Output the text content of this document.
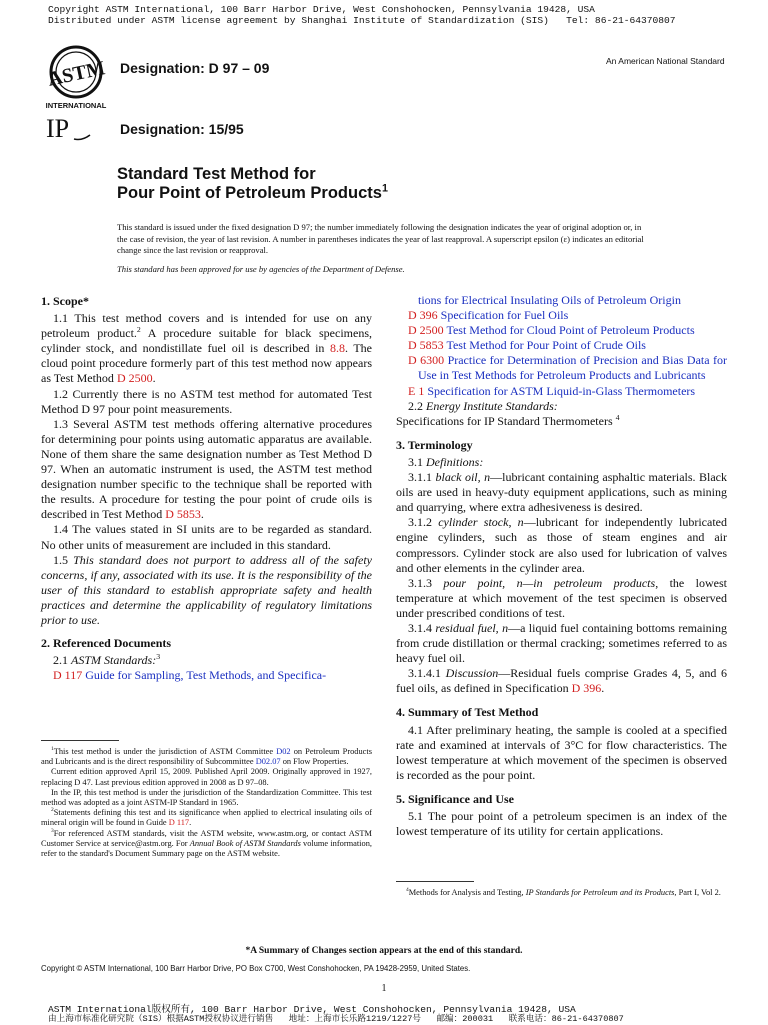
Copyright ASTM International, 100 Barr Harbor Drive, West Conshohocken, Pennsylvania 19428, USA
Distributed under ASTM license agreement by Shanghai Institute of Standardization (SIS)   Tel: 86-21-64370807
ASTM
INTERNATIONAL
Designation: D 97 – 09	An American National Standard
IP	Designation: 15/95
Standard Test Method for
Pour Point of Petroleum Products$^1$
This standard is issued under the fixed designation D 97; the number immediately following the designation indicates the year of original adoption or, in the case of revision, the year of last revision. A number in parentheses indicates the year of last reapproval. A superscript epsilon (ε) indicates an editorial change since the last revision or reapproval.
This standard has been approved for use by agencies of the Department of Defense.
1. Scope*

1.1 This test method covers and is intended for use on any petroleum product.$^2$ A procedure suitable for black specimens, cylinder stock, and nondistillate fuel oil is described in 8.8. The cloud point procedure formerly part of this test method now appears as Test Method D 2500.

1.2 Currently there is no ASTM test method for automated Test Method D 97 pour point measurements.

1.3 Several ASTM test methods offering alternative procedures for determining pour points using automatic apparatus are available. None of them share the same designation number as Test Method D 97. When an automatic instrument is used, the ASTM test method designation number specific to the technique shall be reported with the results. A procedure for testing the pour point of crude oils is described in Test Method D 5853.

1.4 The values stated in SI units are to be regarded as standard. No other units of measurement are included in this standard.

1.5 This standard does not purport to address all of the safety concerns, if any, associated with its use. It is the responsibility of the user of this standard to establish appropriate safety and health practices and determine the applicability of regulatory limitations prior to use.

2. Referenced Documents

2.1 ASTM Standards:$^3$

D 117 Guide for Sampling, Test Methods, and Specifica-

$^1$This test method is under the jurisdiction of ASTM Committee D02 on Petroleum Products and Lubricants and is the direct responsibility of Subcommittee D02.07 on Flow Properties.

Current edition approved April 15, 2009. Published April 2009. Originally approved in 1927, replacing D 47. Last previous edition approved in 2008 as D 97–08.

In the IP, this test method is under the jurisdiction of the Standardization Committee. This test method was adopted as a joint ASTM-IP Standard in 1965.

$^2$Statements defining this test and its significance when applied to electrical insulating oils of mineral origin will be found in Guide D 117.

$^3$For referenced ASTM standards, visit the ASTM website, www.astm.org, or contact ASTM Customer Service at service@astm.org. For Annual Book of ASTM Standards volume information, refer to the standard's Document Summary page on the ASTM website.

tions for Electrical Insulating Oils of Petroleum Origin

D 396 Specification for Fuel Oils

D 2500 Test Method for Cloud Point of Petroleum Products

D 5853 Test Method for Pour Point of Crude Oils

D 6300 Practice for Determination of Precision and Bias Data for Use in Test Methods for Petroleum Products and Lubricants

E 1 Specification for ASTM Liquid-in-Glass Thermometers

2.2 Energy Institute Standards:

Specifications for IP Standard Thermometers $^4$

3. Terminology

3.1 Definitions:

3.1.1 black oil, n—lubricant containing asphaltic materials. Black oils are used in heavy-duty equipment applications, such as mining and quarrying, where extra adhesiveness is desired.

3.1.2 cylinder stock, n—lubricant for independently lubricated engine cylinders, such as those of steam engines and air compressors. Cylinder stock are also used for lubrication of valves and other elements in the cylinder area.

3.1.3 pour point, n—in petroleum products, the lowest temperature at which movement of the test specimen is observed under prescribed conditions of test.

3.1.4 residual fuel, n—a liquid fuel containing bottoms remaining from crude distillation or thermal cracking; sometimes referred to as heavy fuel oil.

3.1.4.1 Discussion—Residual fuels comprise Grades 4, 5, and 6 fuel oils, as defined in Specification D 396.

4. Summary of Test Method

4.1 After preliminary heating, the sample is cooled at a specified rate and examined at intervals of 3°C for flow characteristics. The lowest temperature at which movement of the specimen is observed is recorded as the pour point.

5. Significance and Use

5.1 The pour point of a petroleum specimen is an index of the lowest temperature of its utility for certain applications.

$^4$Methods for Analysis and Testing, IP Standards for Petroleum and its Products, Part I, Vol 2.

*A Summary of Changes section appears at the end of this standard.
Copyright © ASTM International, 100 Barr Harbor Drive, PO Box C700, West Conshohocken, PA 19428-2959, United States.
1
ASTM International版权所有, 100 Barr Harbor Drive, West Conshohocken, Pennsylvania 19428, USA
由上海市标准化研究院（SIS）根据ASTM授权协议进行销售   地址：上海市长乐路1219/1227号   邮编：200031   联系电话：86-21-64370807
